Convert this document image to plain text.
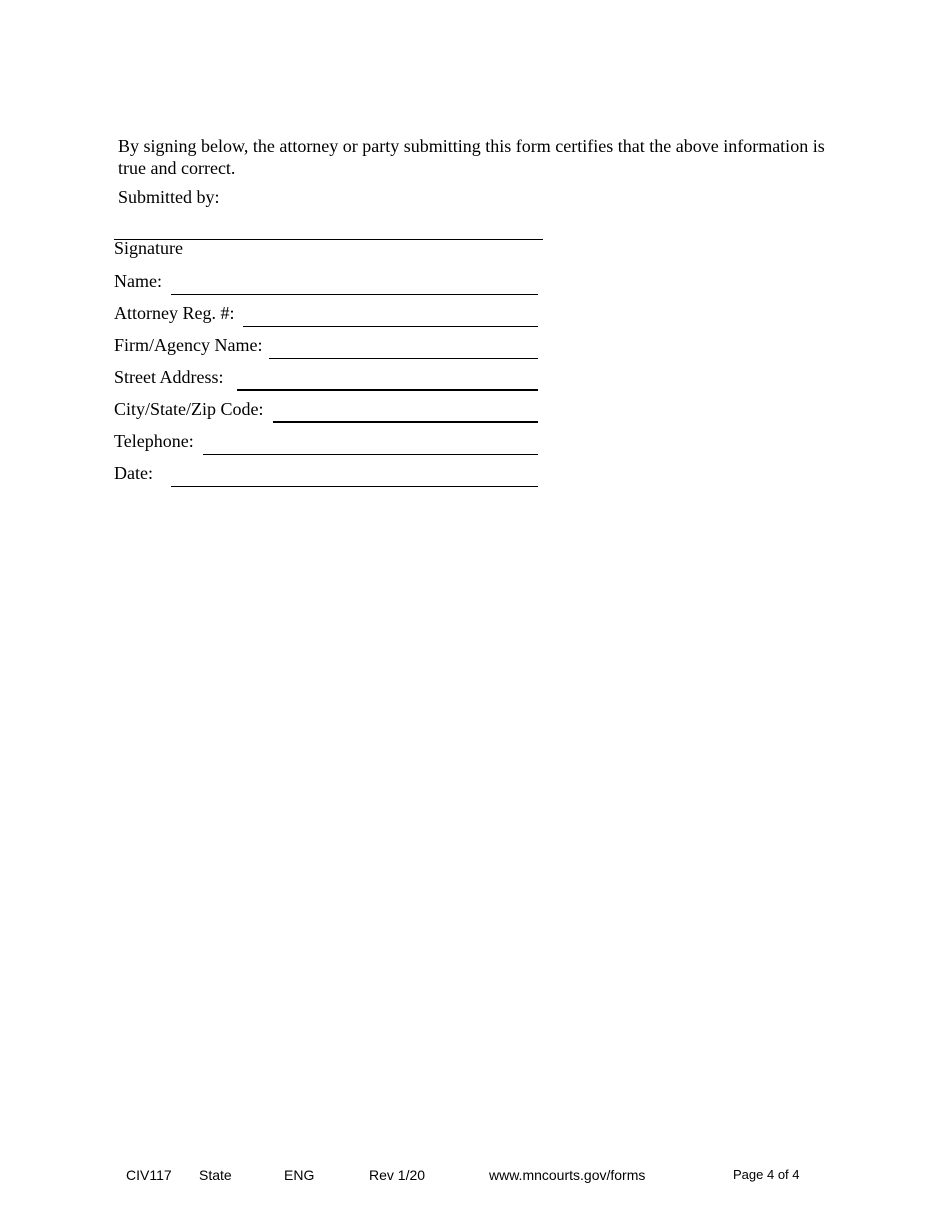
By signing below, the attorney or party submitting this form certifies that the above information is true and correct.
Submitted by:
Signature
Name:
Attorney Reg. #:
Firm/Agency Name:
Street Address:
City/State/Zip Code:
Telephone:
Date:
CIV117 State	ENG	Rev 1/20	www.mncourts.gov/forms	Page 4 of 4
